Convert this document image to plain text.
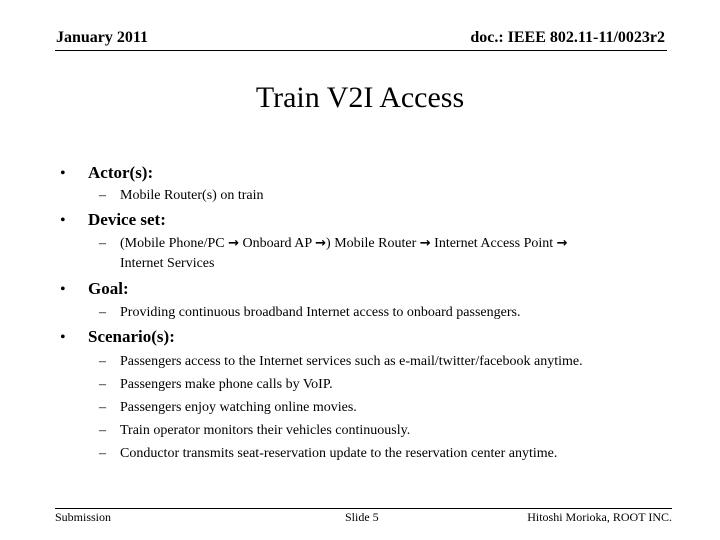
January 2011	doc.: IEEE 802.11-11/0023r2
Train V2I Access
• Actor(s):
– Mobile Router(s) on train
• Device set:
– (Mobile Phone/PC → Onboard AP →) Mobile Router → Internet Access Point →
Internet Services
• Goal:
– Providing continuous broadband Internet access to onboard passengers.
• Scenario(s):
– Passengers access to the Internet services such as e-mail/twitter/facebook anytime.
– Passengers make phone calls by VoIP.
– Passengers enjoy watching online movies.
– Train operator monitors their vehicles continuously.
– Conductor transmits seat-reservation update to the reservation center anytime.
Submission	Slide 5	Hitoshi Morioka, ROOT INC.
